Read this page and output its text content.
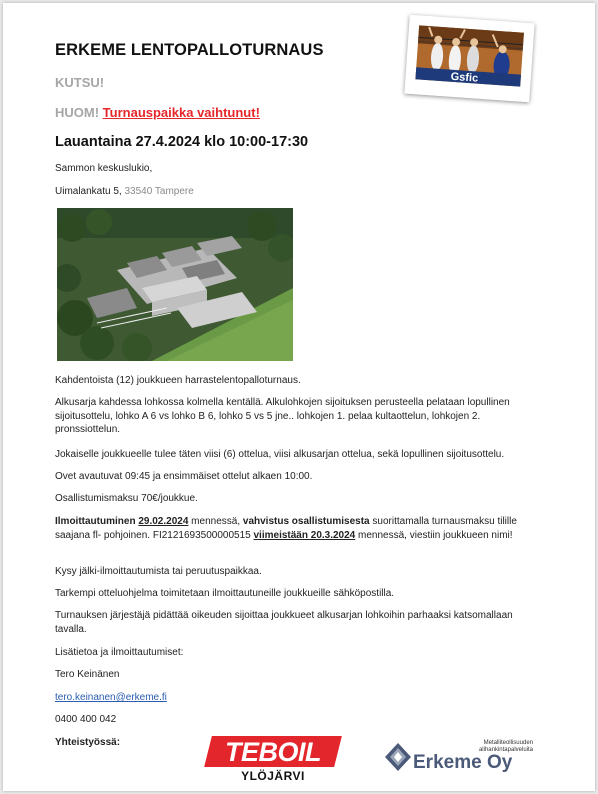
ERKEME LENTOPALLOTURNAUS
KUTSU!
HUOM! Turnauspaikka vaihtunut!
Lauantaina 27.4.2024 klo 10:00-17:30
Sammon keskuslukio,
Uimalankatu 5, 33540 Tampere
Gsfic
Kahdentoista (12) joukkueen harrastelentopalloturnaus.
Alkusarja kahdessa lohkossa kolmella kentällä. Alkulohkojen sijoituksen perusteella pelataan lopullinen sijoitusottelu, lohko A 6 vs lohko B 6, lohko 5 vs 5 jne.. lohkojen 1. pelaa kultaottelun, lohkojen 2. pronssiottelun.
Jokaiselle joukkueelle tulee täten viisi (6) ottelua, viisi alkusarjan ottelua, sekä lopullinen sijoitusottelu.
Ovet avautuvat 09:45 ja ensimmäiset ottelut alkaen 10:00.
Osallistumismaksu 70€/joukkue.
Ilmoittautuminen 29.02.2024 mennessä, vahvistus osallistumisesta suorittamalla turnausmaksu tilille saajana fl- pohjoinen. FI2121693500000515 viimeistään 20.3.2024 mennessä, viestiin joukkueen nimi!
Kysy jälki-ilmoittautumista tai peruutuspaikkaa.
Tarkempi otteluohjelma toimitetaan ilmoittautuneille joukkueille sähköpostilla.
Turnauksen järjestäjä pidättää oikeuden sijoittaa joukkueet alkusarjan lohkoihin parhaaksi katsomallaan tavalla.
Lisätietoa ja ilmoittautumiset:
Tero Keinänen
tero.keinanen@erkeme.fi
0400 400 042
Yhteistyössä:	TEBOIL
YLÖJÄRVI
Metalliteollisuuden
alihankintapalveluita
Erkeme Oy
